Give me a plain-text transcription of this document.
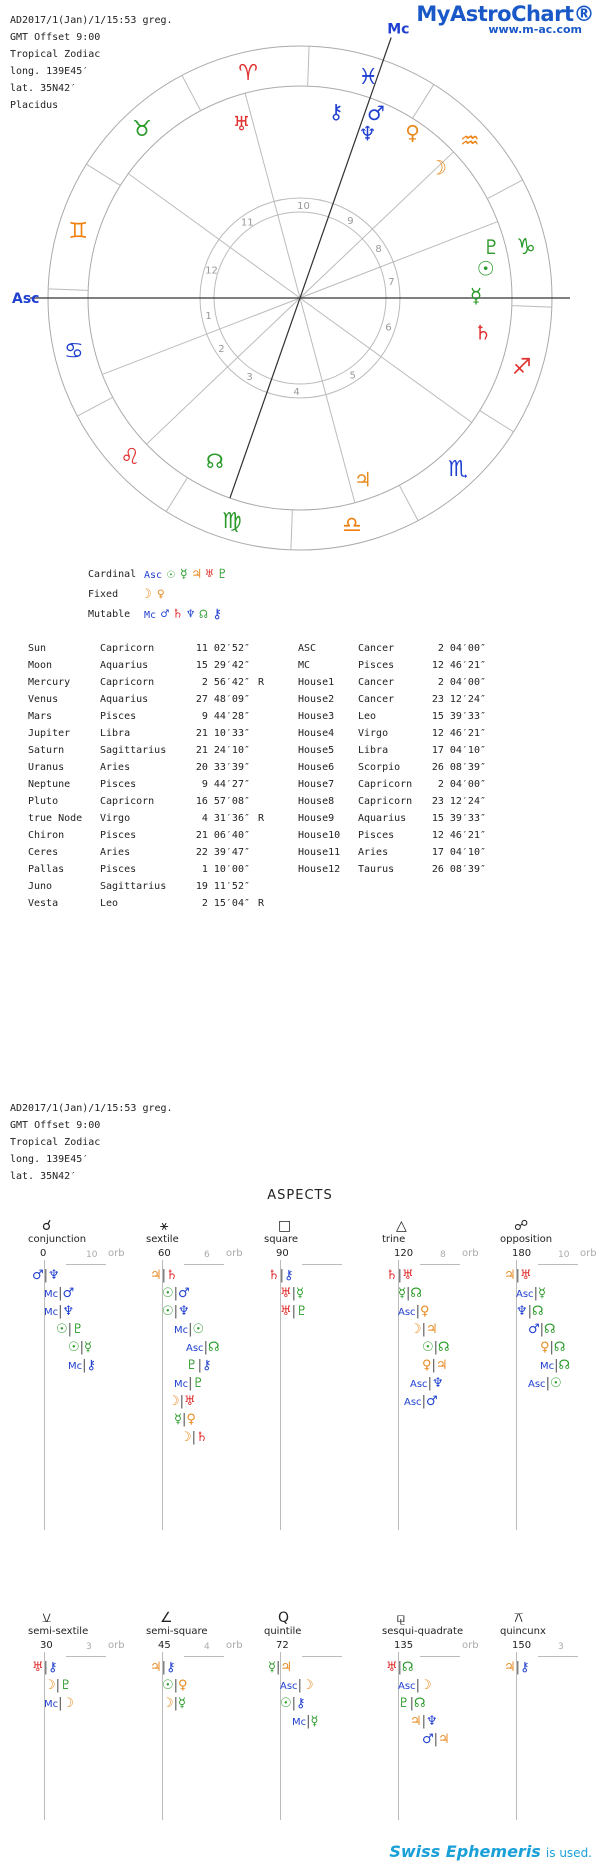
AD2017/1(Jan)/1/15:53 greg.
GMT Offset 9:00
Tropical Zodiac
long. 139E45′
lat. 35N42′
Placidus
MyAstroChart®
www.m-ac.com
1
2
3
4
5
6
7
8
9
10
11
12
Asc
Mc
♈
♉
♊
♋
♌
♍	♎
♏
♐
♑
♒
♓
☉
☽
☿
♀
♂
♃
♄
♅	♆
♇
☊
⚷
Cardinal Asc ☉ ☿ ♃ ♅ ♇
Fixed	☽ ♀
Mutable	Mc ♂ ♄ ♆ ☊ ⚷
Sun	Capricorn	11 02′52″	
Moon	Aquarius	15 29′42″	
Mercury	Capricorn	2 56′42″	R
Venus	Aquarius	27 48′09″	
Mars	Pisces	9 44′28″	
Jupiter	Libra	21 10′33″	
Saturn	Sagittarius	21 24′10″	
Uranus	Aries	20 33′39″	
Neptune	Pisces	9 44′27″	
Pluto	Capricorn	16 57′08″	
true Node	Virgo	4 31′36″	R
Chiron	Pisces	21 06′40″	
Ceres	Aries	22 39′47″	
Pallas	Pisces	1 10′00″	
Juno	Sagittarius	19 11′52″	
Vesta	Leo	2 15′04″	R
ASC	Cancer	2 04′00″
MC	Pisces	12 46′21″
House1	Cancer	2 04′00″
House2	Cancer	23 12′24″
House3	Leo	15 39′33″
House4	Virgo	12 46′21″
House5	Libra	17 04′10″
House6	Scorpio	26 08′39″
House7	Capricorn	2 04′00″
House8	Capricorn	23 12′24″
House9	Aquarius	15 39′33″
House10	Pisces	12 46′21″
House11	Aries	17 04′10″
House12	Taurus	26 08′39″
AD2017/1(Jan)/1/15:53 greg.
GMT Offset 9:00
Tropical Zodiac
long. 139E45′
lat. 35N42′
ASPECTS
☌
conjunction
0	10 orb
♂|♆
Mc|♂
Mc|♆
☉|♇
☉|☿
Mc|⚷
⚹
sextile
60	6 orb
♃|♄
☉|♂
☉|♆
Mc|☉
Asc|☊
♇|⚷
Mc|♇
☽|♅
☿|♀
☽|♄
□
square
90
♄|⚷
♅|☿
♅|♇
△
trine
120	8 orb
♄|♅
☿|☊
Asc|♀
☽|♃
☉|☊
♀|♃
Asc|♆
Asc|♂
☍
opposition
180	10 orb
♃|♅
Asc|☿
♆|☊
♂|☊
♀|☊
Mc|☊
Asc|☉
⚺
semi-sextile
30	3 orb
♅|⚷
☽|♇
Mc|☽
∠
semi-square
45	4 orb
♃|⚷
☉|♀
☽|☿
Q
quintile
72
☿|♃
Asc|☽
☉|⚷
Mc|☿
⚼
sesqui-quadrate
135	orb
♅|☊
Asc|☽
♇|☊
♃|♆
♂|♃
⚻
quincunx
150	3
♃|⚷
Swiss Ephemeris is used.
